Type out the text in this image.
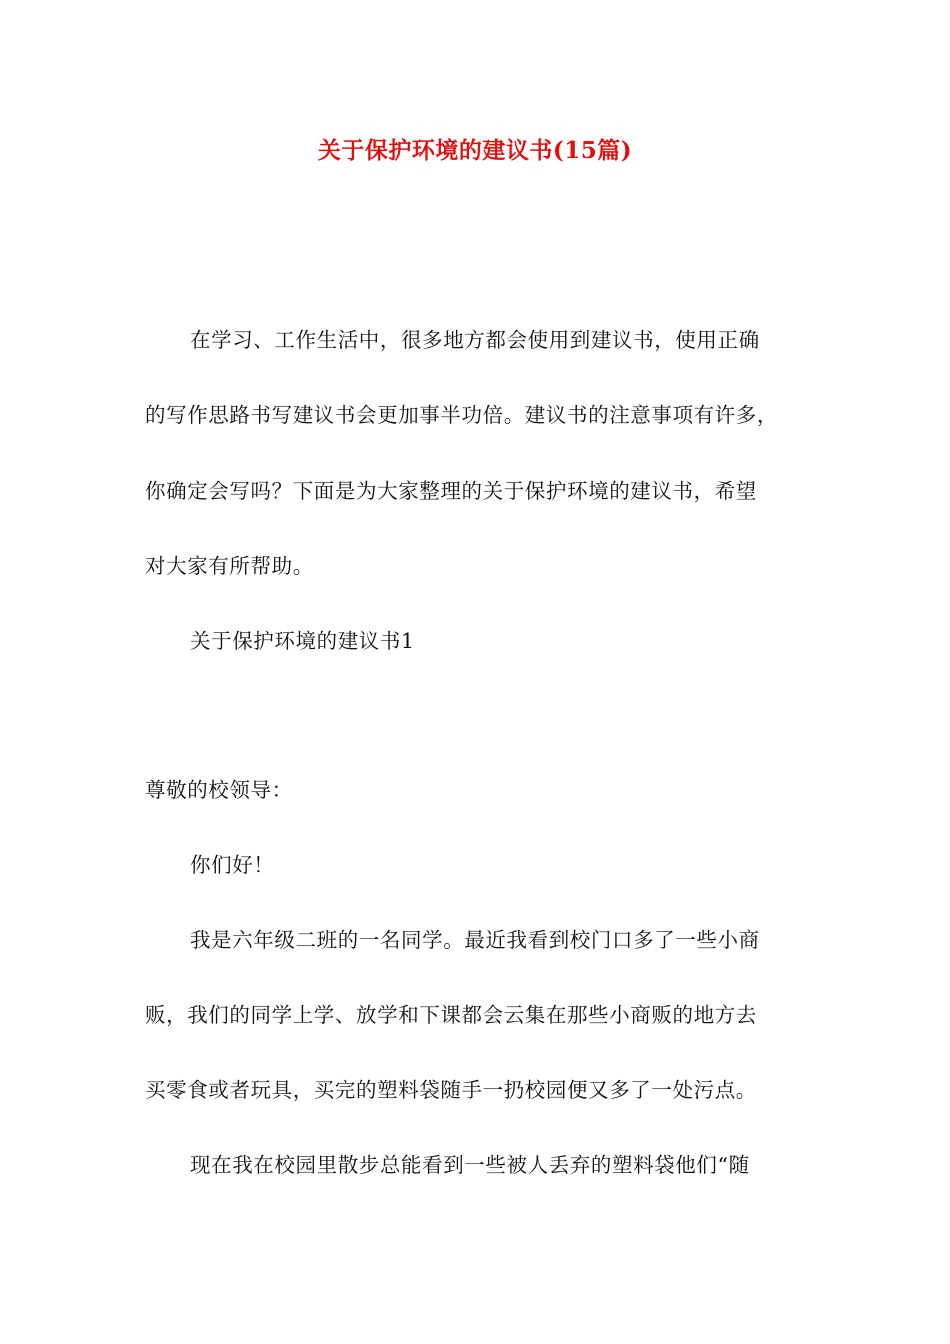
关于保护环境的建议书(15篇)
在学习、工作生活中，很多地方都会使用到建议书，使用正确
的写作思路书写建议书会更加事半功倍。建议书的注意事项有许多，
你确定会写吗？下面是为大家整理的关于保护环境的建议书，希望
对大家有所帮助。
关于保护环境的建议书1
尊敬的校领导：
你们好！
我是六年级二班的一名同学。最近我看到校门口多了一些小商
贩，我们的同学上学、放学和下课都会云集在那些小商贩的地方去
买零食或者玩具，买完的塑料袋随手一扔校园便又多了一处污点。
现在我在校园里散步总能看到一些被人丢弃的塑料袋他们“随
